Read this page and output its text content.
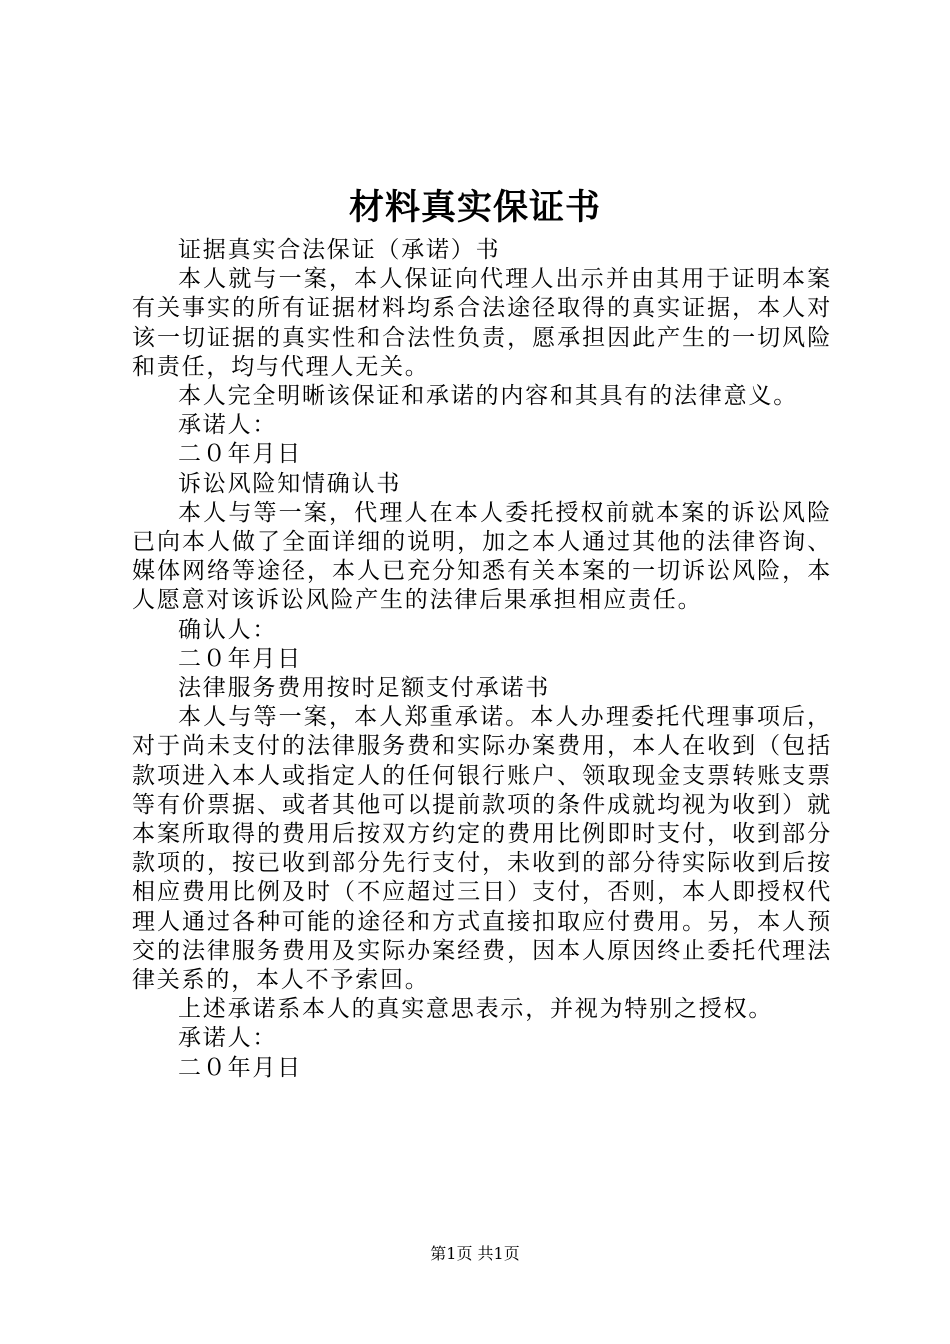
材料真实保证书

证据真实合法保证（承诺）书

本人就与一案，本人保证向代理人出示并由其用于证明本案有关事实的所有证据材料均系合法途径取得的真实证据，本人对该一切证据的真实性和合法性负责，愿承担因此产生的一切风险和责任，均与代理人无关。

本人完全明晰该保证和承诺的内容和其具有的法律意义。

承诺人：

二０年月日

诉讼风险知情确认书

本人与等一案，代理人在本人委托授权前就本案的诉讼风险已向本人做了全面详细的说明，加之本人通过其他的法律咨询、媒体网络等途径，本人已充分知悉有关本案的一切诉讼风险，本人愿意对该诉讼风险产生的法律后果承担相应责任。

确认人：

二０年月日

法律服务费用按时足额支付承诺书

本人与等一案，本人郑重承诺。本人办理委托代理事项后，对于尚未支付的法律服务费和实际办案费用，本人在收到（包括款项进入本人或指定人的任何银行账户、领取现金支票转账支票等有价票据、或者其他可以提前款项的条件成就均视为收到）就本案所取得的费用后按双方约定的费用比例即时支付，收到部分款项的，按已收到部分先行支付，未收到的部分待实际收到后按相应费用比例及时（不应超过三日）支付，否则，本人即授权代理人通过各种可能的途径和方式直接扣取应付费用。另，本人预交的法律服务费用及实际办案经费，因本人原因终止委托代理法律关系的，本人不予索回。

上述承诺系本人的真实意思表示，并视为特别之授权。

承诺人：

二０年月日

第1页 共1页
